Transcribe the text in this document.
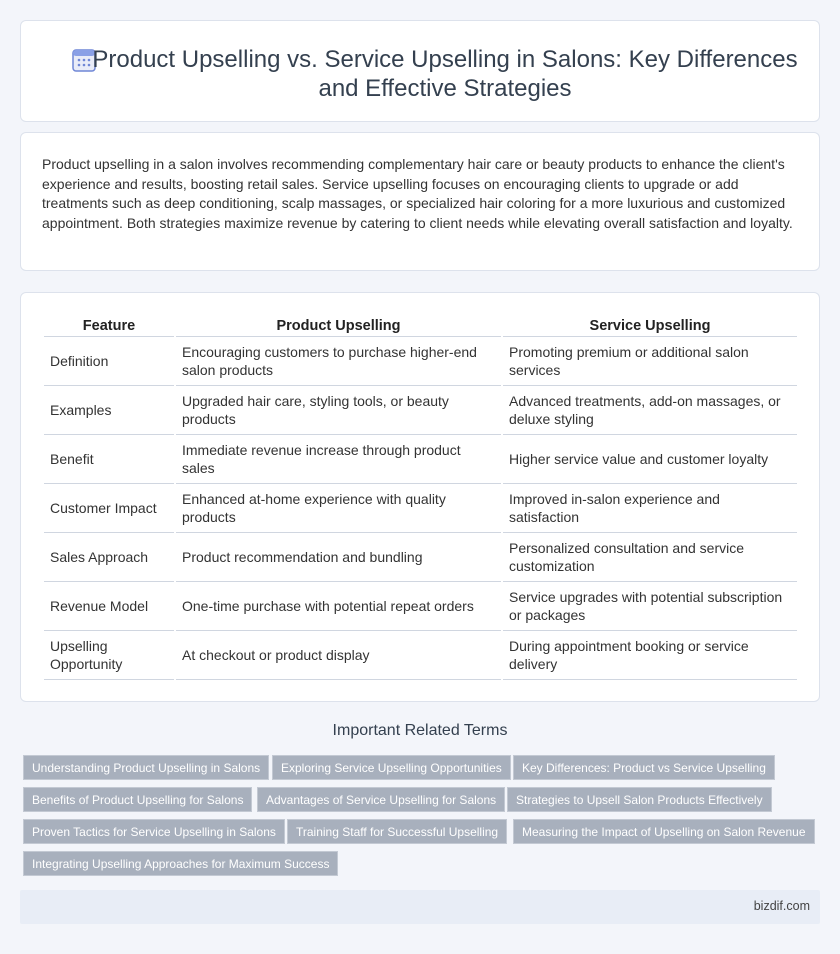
Product Upselling vs. Service Upselling in Salons: Key Differences and Effective Strategies

Product upselling in a salon involves recommending complementary hair care or beauty products to enhance the client's experience and results, boosting retail sales. Service upselling focuses on encouraging clients to upgrade or add treatments such as deep conditioning, scalp massages, or specialized hair coloring for a more luxurious and customized appointment. Both strategies maximize revenue by catering to client needs while elevating overall satisfaction and loyalty.

Feature	Product Upselling	Service Upselling
Definition	Encouraging customers to purchase higher-end salon products	Promoting premium or additional salon services
Examples	Upgraded hair care, styling tools, or beauty products	Advanced treatments, add-on massages, or deluxe styling
Benefit	Immediate revenue increase through product sales	Higher service value and customer loyalty
Customer Impact	Enhanced at-home experience with quality products	Improved in-salon experience and satisfaction
Sales Approach	Product recommendation and bundling	Personalized consultation and service customization
Revenue Model	One-time purchase with potential repeat orders	Service upgrades with potential subscription or packages
Upselling Opportunity	At checkout or product display	During appointment booking or service delivery
Important Related Terms
Understanding Product Upselling in Salons	Exploring Service Upselling Opportunities	Key Differences: Product vs Service Upselling
Benefits of Product Upselling for Salons	Advantages of Service Upselling for Salons	Strategies to Upsell Salon Products Effectively
Proven Tactics for Service Upselling in Salons	Training Staff for Successful Upselling	Measuring the Impact of Upselling on Salon Revenue
Integrating Upselling Approaches for Maximum Success
bizdif.com
